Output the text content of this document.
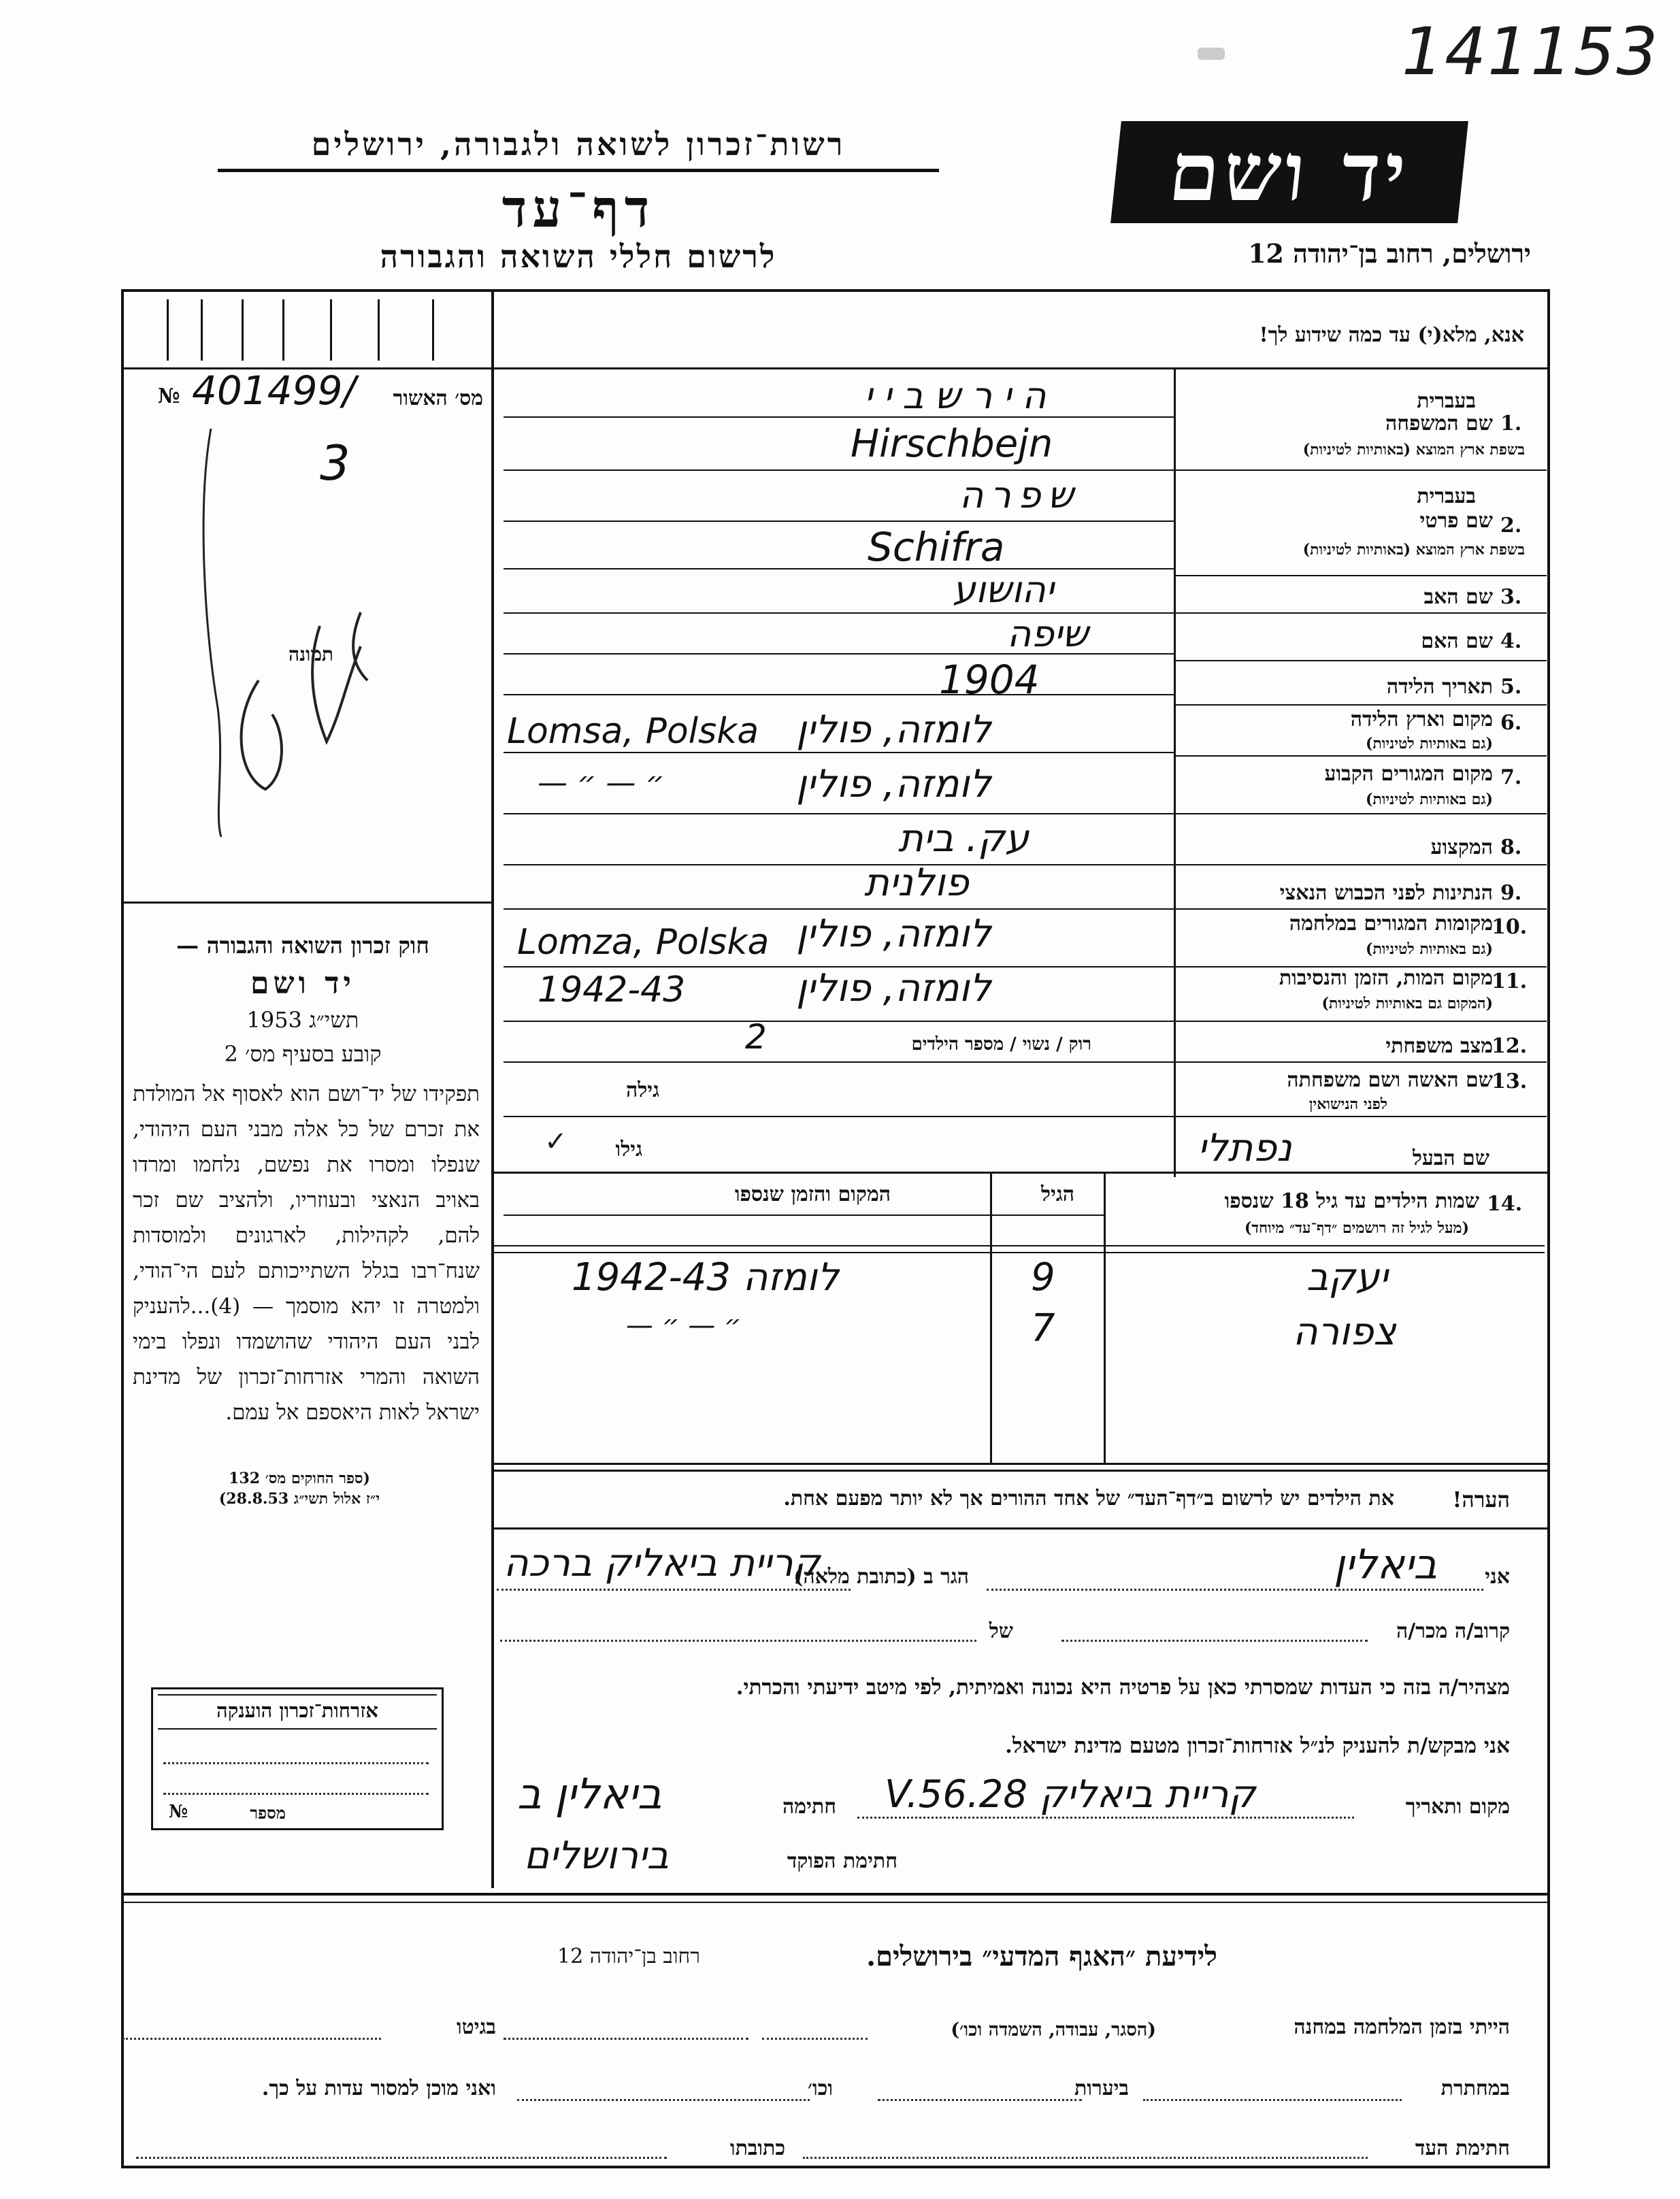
141153
רשות־זכרון לשואה ולגבורה, ירושלים
דף־עד
לרשום חללי השואה והגבורה
יד ושם
ירושלים, רחוב בן־יהודה 12
מס׳ האשור
№ 401499/
3
תמונה
חוק זכרון השואה והגבורה —
יד ושם
תשי״ג 1953
קובע בסעיף מס׳ 2
תפקידו של יד־ושם הוא לאסוף אל המולדת את זכרם של כל אלה מבני העם היהודי, שנפלו ומסרו את נפשם, נלחמו ומרדו באויב הנאצי ובעוזריו, ולהציב שם זכר להם, לקהילות, לארגונים ולמוסדות שנח־רבו בגלל השתייכותם לעם הי־הודי, ולמטרה זו יהא מוסמך — (4)...להעניק לבני העם היהודי שהושמדו ונפלו בימי השואה והמרי אזרחות־זכרון של מדינת ישראל לאות היאספם אל עמם.
(ספר החוקים מס׳ 132
י״ז אלול תשי״ג 28.8.53)
אזרחות־זכרון הוענקה
מספר
№
אנא, מלא(י) עד כמה שידוע לך!
בעברית
1.
שם המשפחה
בשפת ארץ המוצא (באותיות לטיניות)
הירשביי
Hirschbejn
בעברית
2.
שם פרטי
בשפת ארץ המוצא (באותיות לטיניות)
שפרה
Schifra
3.
שם האב
יהושוע
4.
שם האם
שיפה
5.
תאריך הלידה
1904
6.
מקום וארץ הלידה
(גם באותיות לטיניות)
לומזה, פולין
Lomsa, Polska
7.
מקום המגורים הקבוע
(גם באותיות לטיניות)
לומזה, פולין
— ״ — ״
8.
המקצוע
עק. בית
9.
הנתינות לפני הכבוש הנאצי
פולנית
10.
מקומות המגורים במלחמה
(גם באותיות לטיניות)
לומזה, פולין
Lomza, Polska
11.
מקום המות, הזמן והנסיבות
(המקום גם באותיות לטיניות)
לומזה, פולין
1942-43
12.
מצב משפחתי
רוק / נשוי / מספר הילדים
2
13.
שם האשה ושם משפחתה
לפני הנישואין
גילה
שם הבעל
נפתלי
גילו
✓
14.
שמות הילדים עד גיל 18 שנספו
(מעל לגיל זה רושמים ״דף־עד״ מיוחד)
הגיל
המקום והזמן שנספו
יעקב
9
לומזה 1942-43
צפורה
7
— ״ — ״
הערה!
את הילדים יש לרשום ב״דף־העד״ של אחד ההורים אך לא יותר מפעם אחת.
אני
ביאלין
הגר ב (כתובת מלאה)
קריית ביאליק ברכה
קרוב/ה מכר/ה
של
מצהיר/ה בזה כי העדות שמסרתי כאן על פרטיה היא נכונה ואמיתית, לפי מיטב ידיעתי והכרתי.
אני מבקש/ת להעניק לנ״ל אזרחות־זכרון מטעם מדינת ישראל.
מקום ותאריך
קריית ביאליק 28.V.56
חתימה
ביאלין ב
חתימת הפוקד
בירושלים
לידיעת ״האגף המדעי״ בירושלים.
רחוב בן־יהודה 12
הייתי בזמן המלחמה במחנה
(הסגר, עבודה, השמדה וכו׳)
בגיטו
במחתרת
ביערות
וכו׳
ואני מוכן למסור עדות על כך.
חתימת העד
כתובתו
